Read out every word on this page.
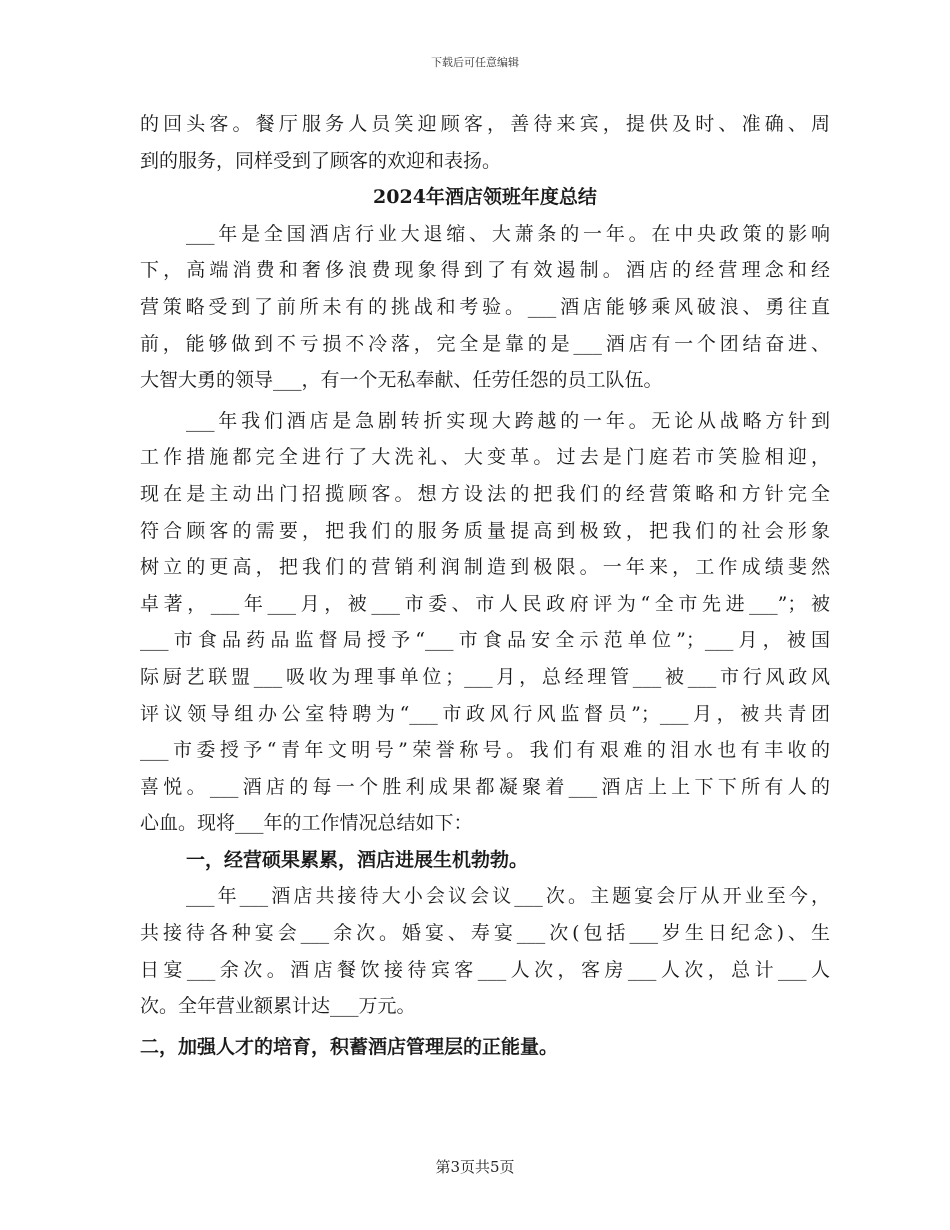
下载后可任意编辑
的回头客。餐厅服务人员笑迎顾客，善待来宾，提供及时、准确、周
到的服务，同样受到了顾客的欢迎和表扬。
2024年酒店领班年度总结
___年是全国酒店行业大退缩、大萧条的一年。在中央政策的影响
下，高端消费和奢侈浪费现象得到了有效遏制。酒店的经营理念和经
营策略受到了前所未有的挑战和考验。___酒店能够乘风破浪、勇往直
前，能够做到不亏损不冷落，完全是靠的是___酒店有一个团结奋进、
大智大勇的领导___，有一个无私奉献、任劳任怨的员工队伍。
___年我们酒店是急剧转折实现大跨越的一年。无论从战略方针到
工作措施都完全进行了大洗礼、大变革。过去是门庭若市笑脸相迎，
现在是主动出门招揽顾客。想方设法的把我们的经营策略和方针完全
符合顾客的需要，把我们的服务质量提高到极致，把我们的社会形象
树立的更高，把我们的营销利润制造到极限。一年来，工作成绩斐然
卓著，___年___月，被___市委、市人民政府评为“全市先进___”；被
___市食品药品监督局授予“___市食品安全示范单位”；___月，被国
际厨艺联盟___吸收为理事单位；___月，总经理管___被___市行风政风
评议领导组办公室特聘为“___市政风行风监督员”；___月，被共青团
___市委授予“青年文明号”荣誉称号。我们有艰难的泪水也有丰收的
喜悦。___酒店的每一个胜利成果都凝聚着___酒店上上下下所有人的
心血。现将___年的工作情况总结如下：
一，经营硕果累累，酒店进展生机勃勃。
___年___酒店共接待大小会议会议___次。主题宴会厅从开业至今，
共接待各种宴会___余次。婚宴、寿宴___次(包括___岁生日纪念)、生
日宴___余次。酒店餐饮接待宾客___人次，客房___人次，总计___人
次。全年营业额累计达___万元。
二，加强人才的培育，积蓄酒店管理层的正能量。
第3页共5页
